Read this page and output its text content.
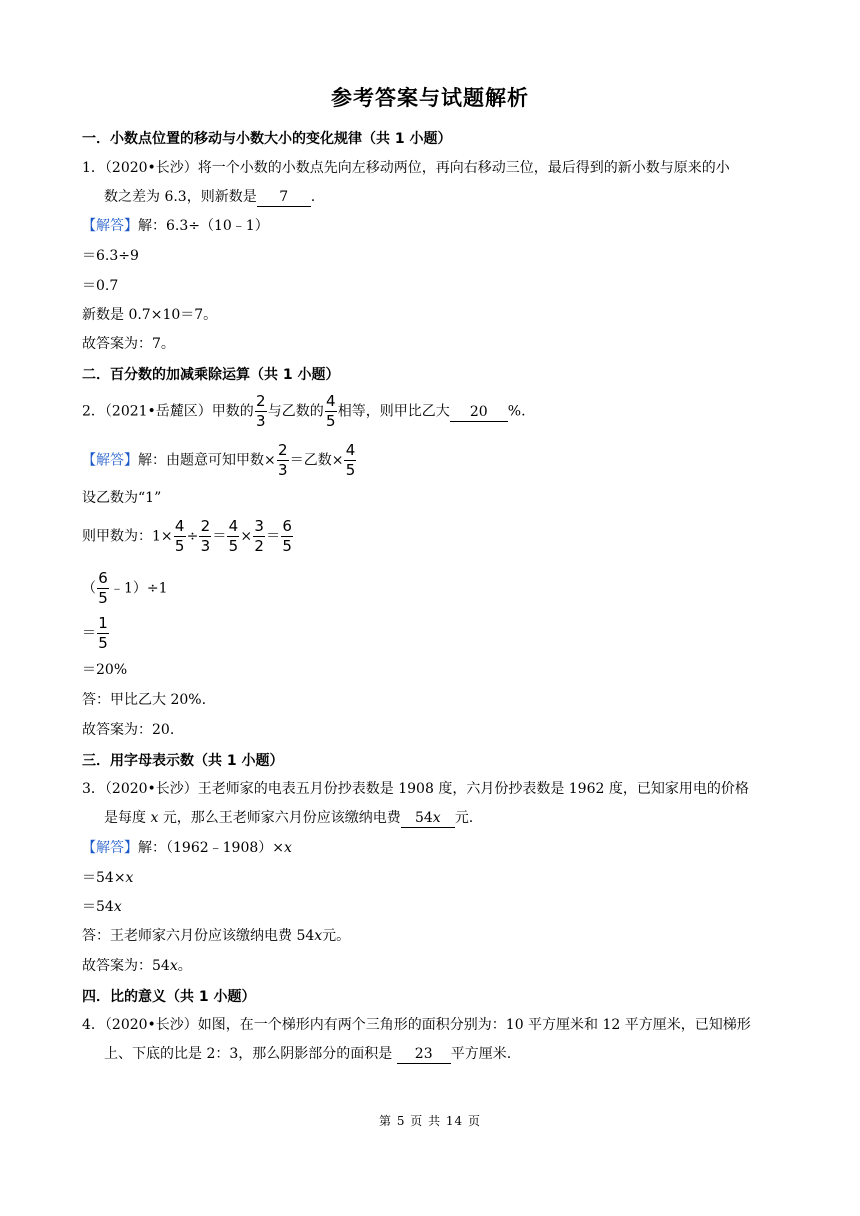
参考答案与试题解析
一．小数点位置的移动与小数大小的变化规律（共 1 小题）
1．（2020•长沙）将一个小数的小数点先向左移动两位，再向右移动三位，最后得到的新小数与原来的小
数之差为 6.3，则新数是 7 .
【解答】解：6.3÷（10﹣1）
＝6.3÷9
＝0.7
新数是 0.7×10＝7。
故答案为：7。
二．百分数的加减乘除运算（共 1 小题）
2．（2021•岳麓区）甲数的 $\frac{2}{3}$ 与乙数的 $\frac{4}{5}$ 相等，则甲比乙大 20 %.
【解答】解：由题意可知甲数× $\frac{2}{3}$ ＝乙数× $\frac{4}{5}$
设乙数为“1”
则甲数为：$1\times \frac{4}{5} \div \frac{2}{3} = \frac{4}{5} \times \frac{3}{2} = \frac{6}{5}$
（ $\frac{6}{5}$ ﹣1）÷1
＝ $\frac{1}{5}$
＝20%
答：甲比乙大 20%.
故答案为：20.
三．用字母表示数（共 1 小题）
3．（2020•长沙）王老师家的电表五月份抄表数是 1908 度，六月份抄表数是 1962 度，已知家用电的价格
是每度 x 元，那么王老师家六月份应该缴纳电费 54x 元.
【解答】解：（1962﹣1908）×x
＝54×x
＝54x
答：王老师家六月份应该缴纳电费 54x元。
故答案为：54x。
四．比的意义（共 1 小题）
4．（2020•长沙）如图，在一个梯形内有两个三角形的面积分别为：10 平方厘米和 12 平方厘米，已知梯形
上、下底的比是 2：3，那么阴影部分的面积是 23 平方厘米.
第 5 页 共 14 页
